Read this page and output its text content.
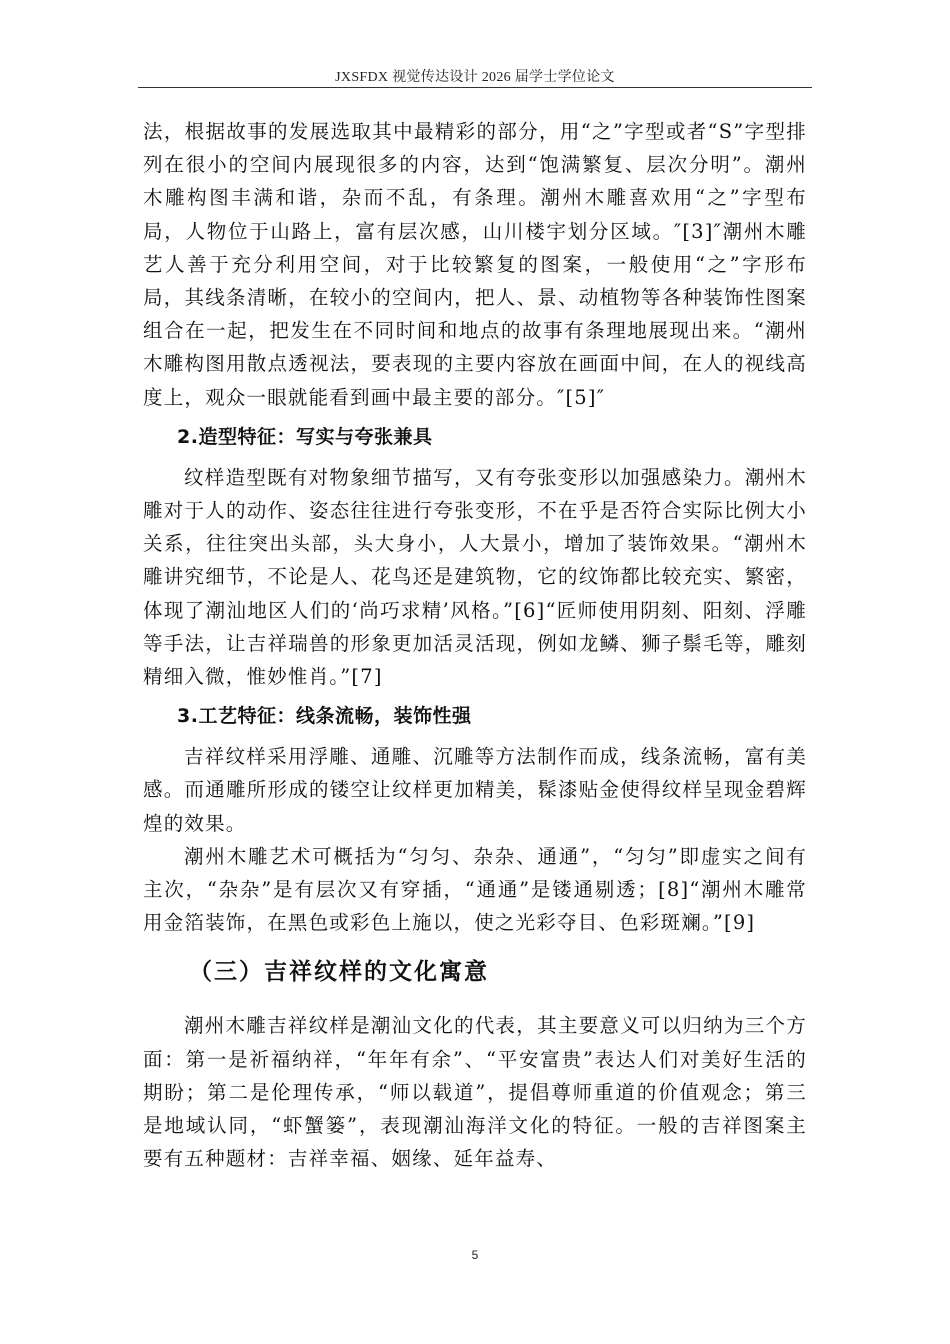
JXSFDX 视觉传达设计 2026 届学士学位论文

法，根据故事的发展选取其中最精彩的部分，用“之”字型或者“S”字型排列在很小的空间内展现很多的内容，达到“饱满繁复、层次分明”。潮州木雕构图丰满和谐，杂而不乱，有条理。潮州木雕喜欢用“之”字型布局，人物位于山路上，富有层次感，山川楼宇划分区域。″[3]″潮州木雕艺人善于充分利用空间，对于比较繁复的图案，一般使用“之”字形布局，其线条清晰，在较小的空间内，把人、景、动植物等各种装饰性图案组合在一起，把发生在不同时间和地点的故事有条理地展现出来。“潮州木雕构图用散点透视法，要表现的主要内容放在画面中间，在人的视线高度上，观众一眼就能看到画中最主要的部分。″[5]″

2.造型特征：写实与夸张兼具

纹样造型既有对物象细节描写，又有夸张变形以加强感染力。潮州木雕对于人的动作、姿态往往进行夸张变形，不在乎是否符合实际比例大小关系，往往突出头部，头大身小，人大景小，增加了装饰效果。“潮州木雕讲究细节，不论是人、花鸟还是建筑物，它的纹饰都比较充实、繁密，体现了潮汕地区人们的‘尚巧求精’风格。”[6]“匠师使用阴刻、阳刻、浮雕等手法，让吉祥瑞兽的形象更加活灵活现，例如龙鳞、狮子鬃毛等，雕刻精细入微，惟妙惟肖。”[7]

3.工艺特征：线条流畅，装饰性强

吉祥纹样采用浮雕、通雕、沉雕等方法制作而成，线条流畅，富有美感。而通雕所形成的镂空让纹样更加精美，髹漆贴金使得纹样呈现金碧辉煌的效果。

潮州木雕艺术可概括为“匀匀、杂杂、通通”，“匀匀”即虚实之间有主次，“杂杂”是有层次又有穿插，“通通”是镂通剔透；[8]“潮州木雕常用金箔装饰，在黑色或彩色上施以，使之光彩夺目、色彩斑斓。”[9]

（三）吉祥纹样的文化寓意

潮州木雕吉祥纹样是潮汕文化的代表，其主要意义可以归纳为三个方面：第一是祈福纳祥，“年年有余”、“平安富贵”表达人们对美好生活的期盼；第二是伦理传承，“师以载道”，提倡尊师重道的价值观念；第三是地域认同，“虾蟹篓”，表现潮汕海洋文化的特征。一般的吉祥图案主要有五种题材：吉祥幸福、姻缘、延年益寿、

5
